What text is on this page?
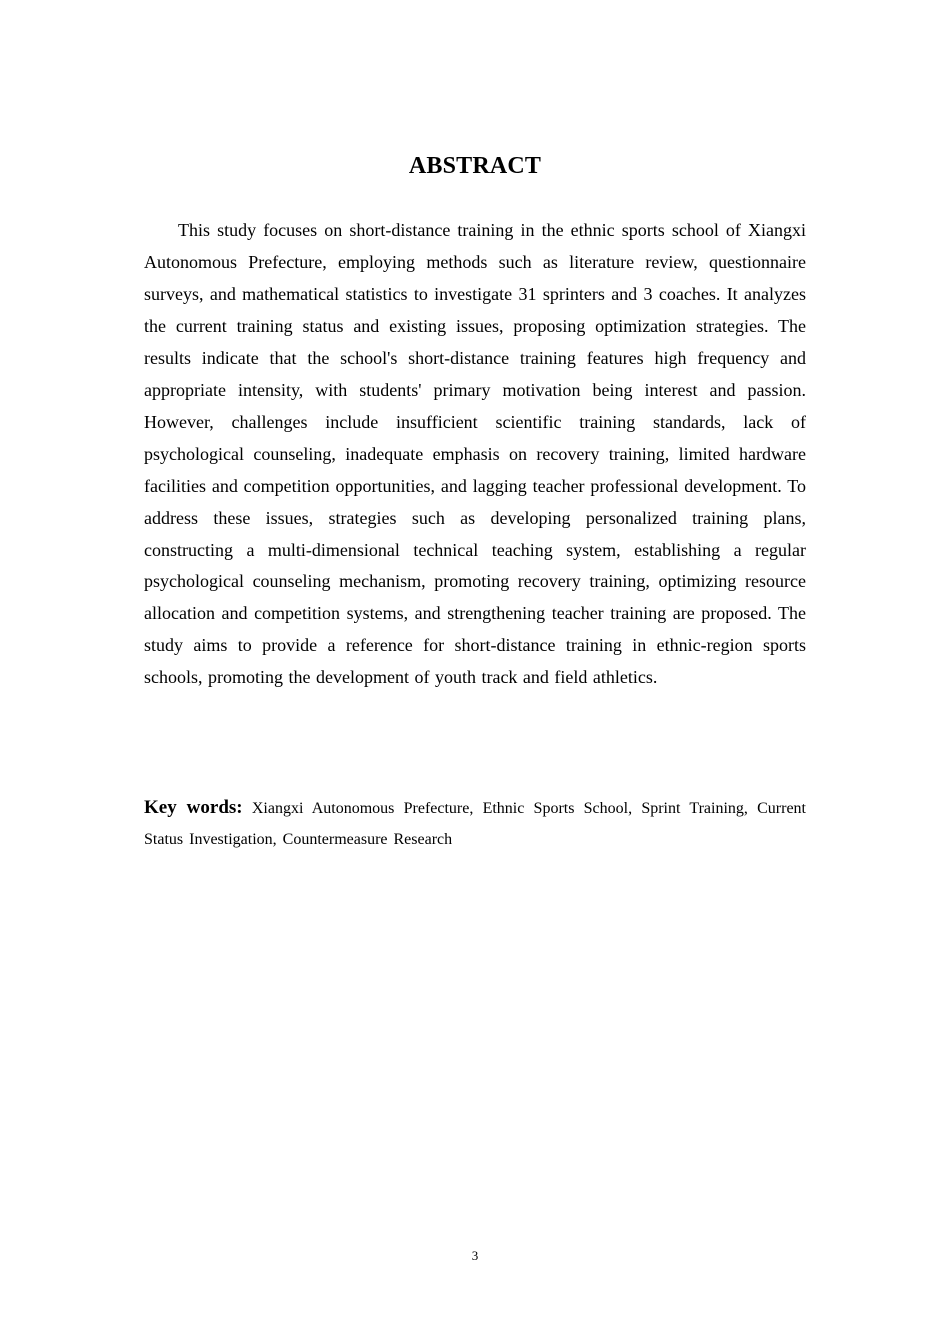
ABSTRACT

This study focuses on short-distance training in the ethnic sports school of Xiangxi Autonomous Prefecture, employing methods such as literature review, questionnaire surveys, and mathematical statistics to investigate 31 sprinters and 3 coaches. It analyzes the current training status and existing issues, proposing optimization strategies. The results indicate that the school's short-distance training features high frequency and appropriate intensity, with students' primary motivation being interest and passion. However, challenges include insufficient scientific training standards, lack of psychological counseling, inadequate emphasis on recovery training, limited hardware facilities and competition opportunities, and lagging teacher professional development. To address these issues, strategies such as developing personalized training plans, constructing a multi-dimensional technical teaching system, establishing a regular psychological counseling mechanism, promoting recovery training, optimizing resource allocation and competition systems, and strengthening teacher training are proposed. The study aims to provide a reference for short-distance training in ethnic-region sports schools, promoting the development of youth track and field athletics.

Key words: Xiangxi Autonomous Prefecture, Ethnic Sports School, Sprint Training, Current Status Investigation, Countermeasure Research

3
